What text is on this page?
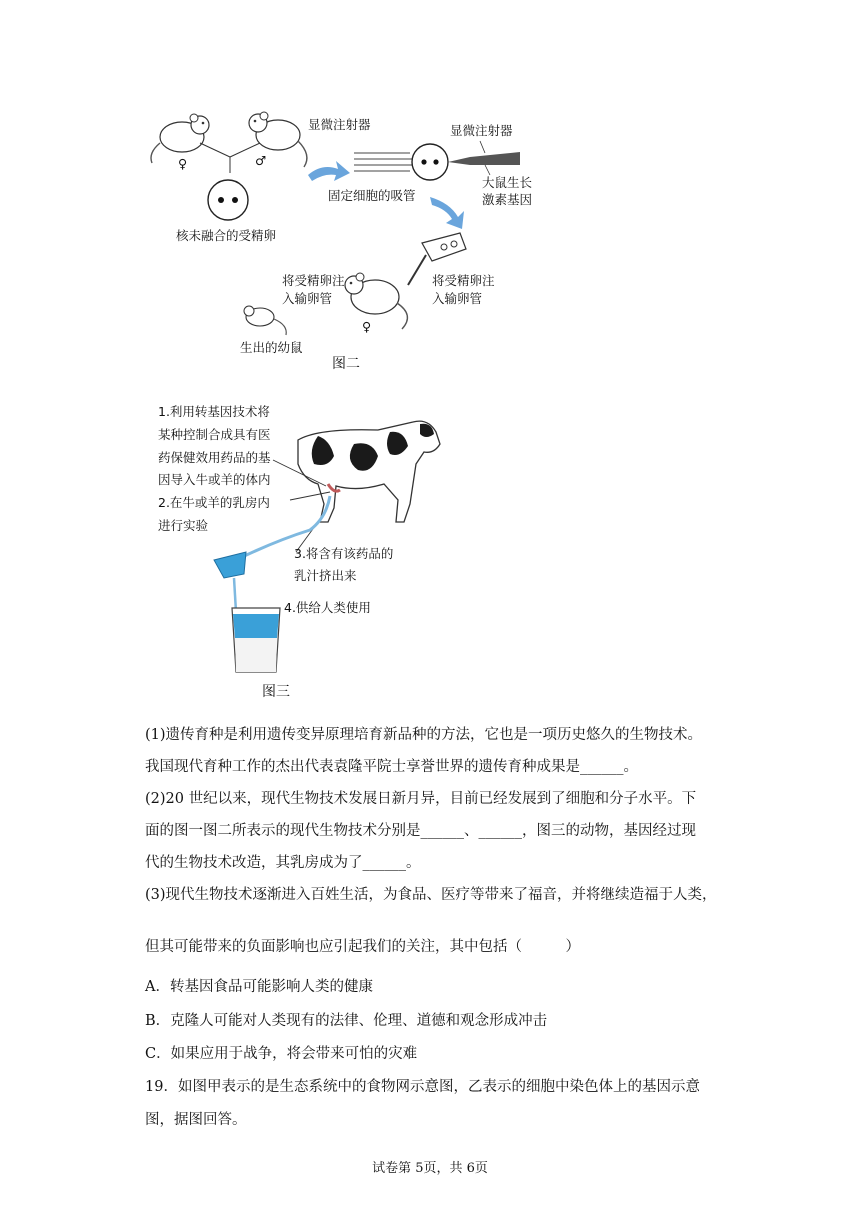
♀	♂
核未融合的受精卵
显微注射器	显微注射器
大鼠生长
激素基因
固定细胞的吸管
♀
将受精卵注
入输卵管
将受精卵注
入输卵管
生出的幼鼠
图二
1.利用转基因技术将
某种控制合成具有医
药保健效用药品的基
因导入牛或羊的体内
2.在牛或羊的乳房内
进行实验
3.将含有该药品的
乳汁挤出来
4.供给人类使用
图三

(1)遗传育种是利用遗传变异原理培育新品种的方法，它也是一项历史悠久的生物技术。

我国现代育种工作的杰出代表袁隆平院士享誉世界的遗传育种成果是______。

(2)20 世纪以来，现代生物技术发展日新月异，目前已经发展到了细胞和分子水平。下

面的图一图二所表示的现代生物技术分别是______、______，图三的动物，基因经过现

代的生物技术改造，其乳房成为了______。

(3)现代生物技术逐渐进入百姓生活，为食品、医疗等带来了福音，并将继续造福于人类，

但其可能带来的负面影响也应引起我们的关注，其中包括（　　　）
A．转基因食品可能影响人类的健康
B．克隆人可能对人类现有的法律、伦理、道德和观念形成冲击
C．如果应用于战争，将会带来可怕的灾难
19．如图甲表示的是生态系统中的食物网示意图，乙表示的细胞中染色体上的基因示意
图，据图回答。
试卷第 5页，共 6页
